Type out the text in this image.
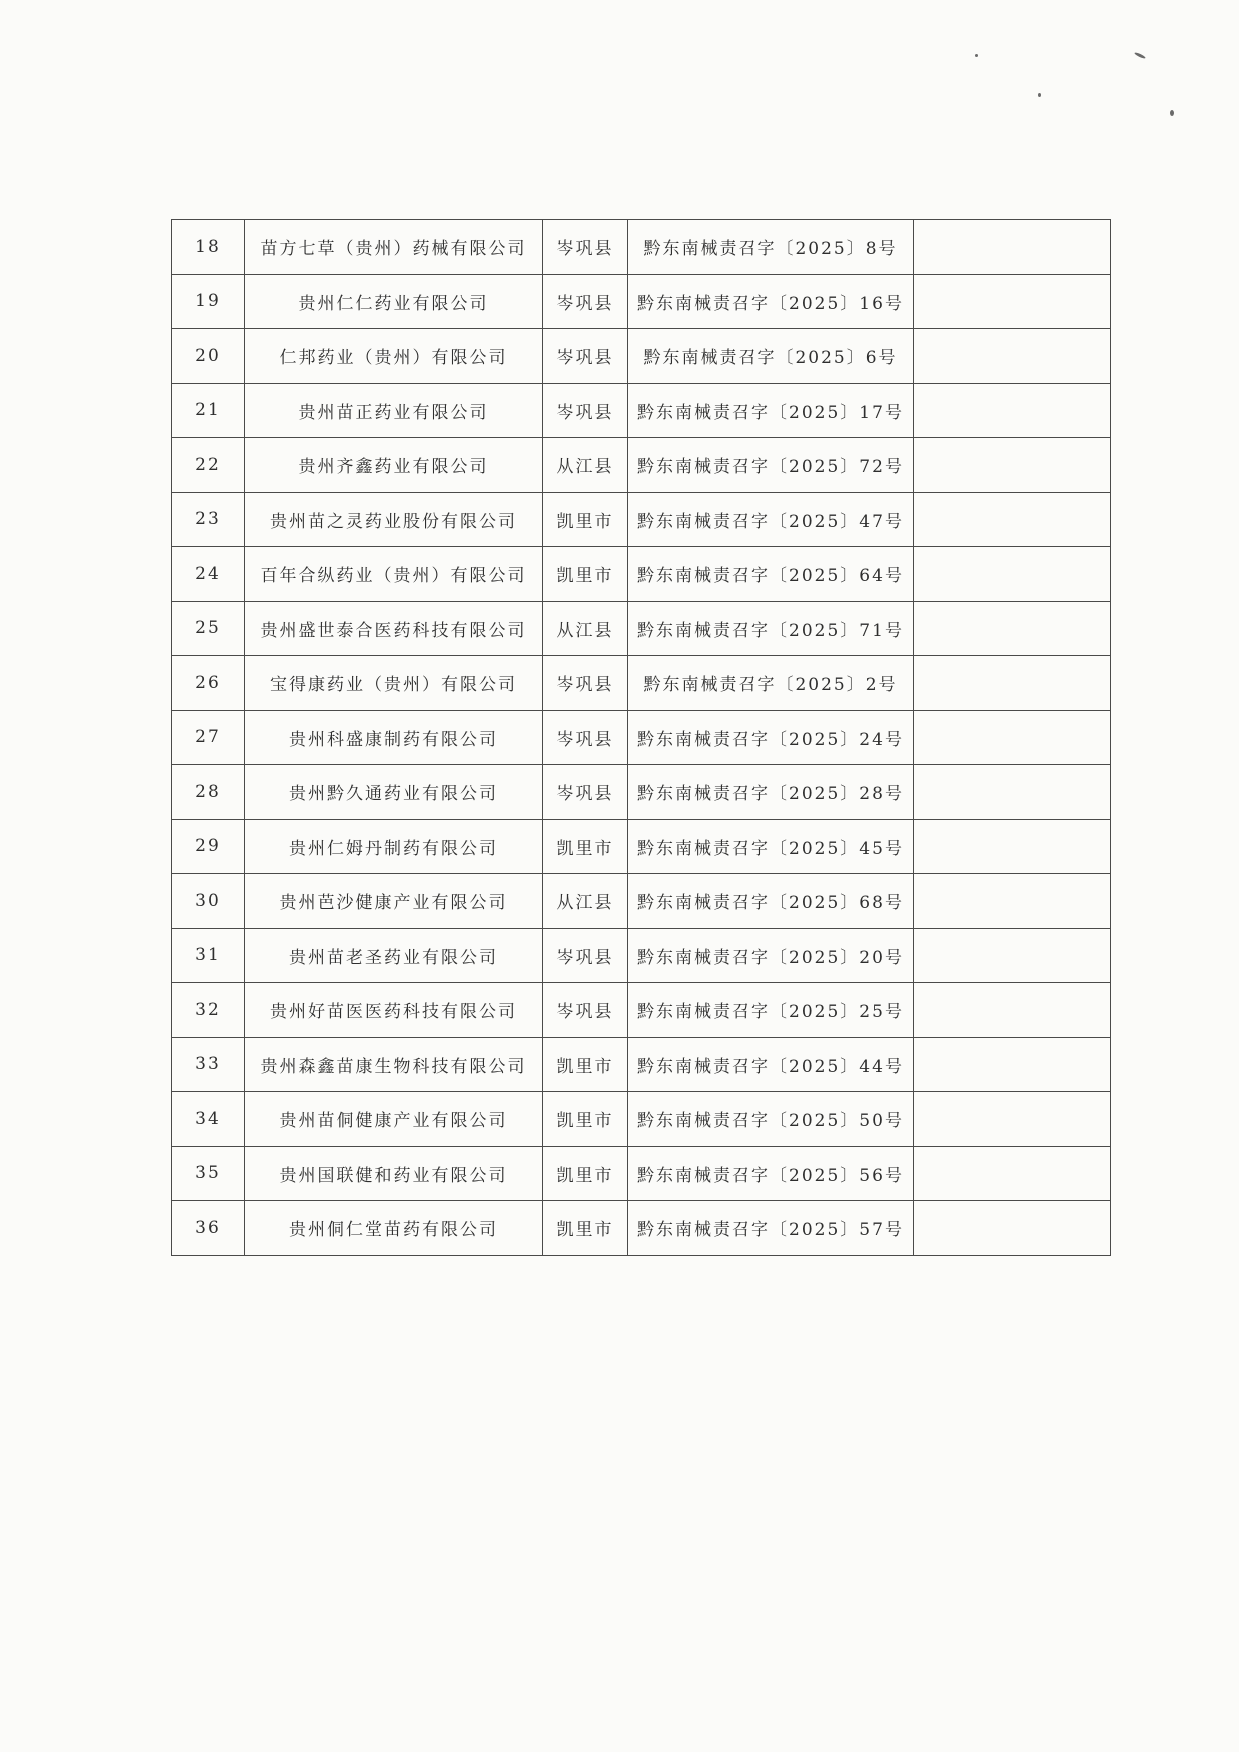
18	苗方七草（贵州）药械有限公司	岑巩县	黔东南械责召字〔2025〕8号	
19	贵州仁仁药业有限公司	岑巩县	黔东南械责召字〔2025〕16号	
20	仁邦药业（贵州）有限公司	岑巩县	黔东南械责召字〔2025〕6号	
21	贵州苗正药业有限公司	岑巩县	黔东南械责召字〔2025〕17号	
22	贵州齐鑫药业有限公司	从江县	黔东南械责召字〔2025〕72号	
23	贵州苗之灵药业股份有限公司	凯里市	黔东南械责召字〔2025〕47号	
24	百年合纵药业（贵州）有限公司	凯里市	黔东南械责召字〔2025〕64号	
25	贵州盛世泰合医药科技有限公司	从江县	黔东南械责召字〔2025〕71号	
26	宝得康药业（贵州）有限公司	岑巩县	黔东南械责召字〔2025〕2号	
27	贵州科盛康制药有限公司	岑巩县	黔东南械责召字〔2025〕24号	
28	贵州黔久通药业有限公司	岑巩县	黔东南械责召字〔2025〕28号	
29	贵州仁姆丹制药有限公司	凯里市	黔东南械责召字〔2025〕45号	
30	贵州芭沙健康产业有限公司	从江县	黔东南械责召字〔2025〕68号	
31	贵州苗老圣药业有限公司	岑巩县	黔东南械责召字〔2025〕20号	
32	贵州好苗医医药科技有限公司	岑巩县	黔东南械责召字〔2025〕25号	
33	贵州森鑫苗康生物科技有限公司	凯里市	黔东南械责召字〔2025〕44号	
34	贵州苗侗健康产业有限公司	凯里市	黔东南械责召字〔2025〕50号	
35	贵州国联健和药业有限公司	凯里市	黔东南械责召字〔2025〕56号	
36	贵州侗仁堂苗药有限公司	凯里市	黔东南械责召字〔2025〕57号	
